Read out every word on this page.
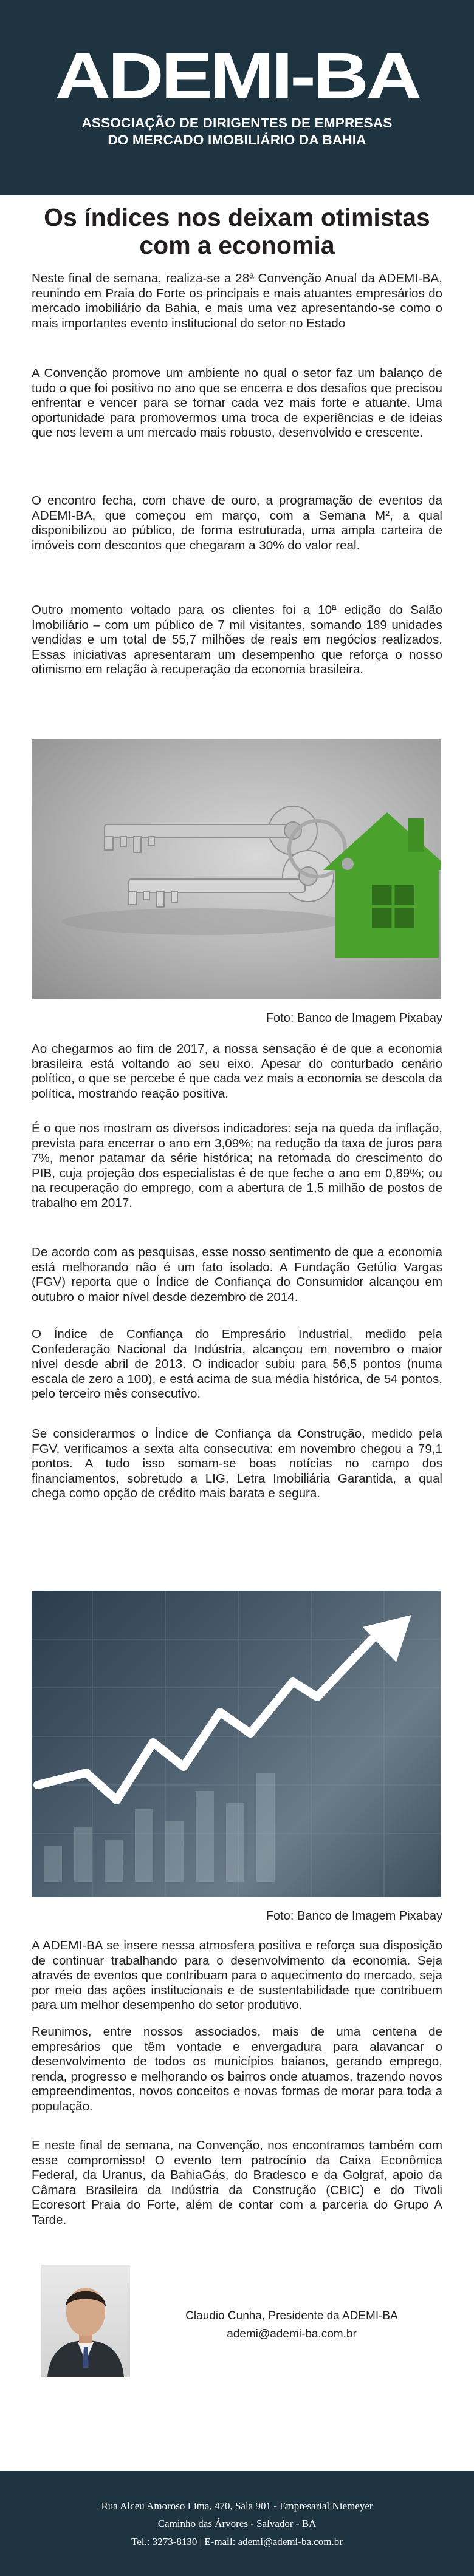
ADEMI-BA
ASSOCIAÇÃO DE DIRIGENTES DE EMPRESAS
DO MERCADO IMOBILIÁRIO DA BAHIA
Os índices nos deixam otimistas
com a economia

Neste final de semana, realiza-se a 28ª Convenção Anual da ADEMI-BA, reunindo em Praia do Forte os principais e mais atuantes empresários do mercado imobiliário da Bahia, e mais uma vez apresentando-se como o mais importantes evento institucional do setor no Estado

A Convenção promove um ambiente no qual o setor faz um balanço de tudo o que foi positivo no ano que se encerra e dos desafios que precisou enfrentar e vencer para se tornar cada vez mais forte e atuante. Uma oportunidade para promovermos uma troca de experiências e de ideias que nos levem a um mercado mais robusto, desenvolvido e crescente.

O encontro fecha, com chave de ouro, a programação de eventos da ADEMI-BA, que começou em março, com a Semana M², a qual disponibilizou ao público, de forma estruturada, uma ampla carteira de imóveis com descontos que chegaram a 30% do valor real.

Outro momento voltado para os clientes foi a 10ª edição do Salão Imobiliário – com um público de 7 mil visitantes, somando 189 unidades vendidas e um total de 55,7 milhões de reais em negócios realizados. Essas iniciativas apresentaram um desempenho que reforça o nosso otimismo em relação à recuperação da economia brasileira.

Foto: Banco de Imagem Pixabay

Ao chegarmos ao fim de 2017, a nossa sensação é de que a economia brasileira está voltando ao seu eixo. Apesar do conturbado cenário político, o que se percebe é que cada vez mais a economia se descola da política, mostrando reação positiva.

É o que nos mostram os diversos indicadores: seja na queda da inflação, prevista para encerrar o ano em 3,09%; na redução da taxa de juros para 7%, menor patamar da série histórica; na retomada do crescimento do PIB, cuja projeção dos especialistas é de que feche o ano em 0,89%; ou na recuperação do emprego, com a abertura de 1,5 milhão de postos de trabalho em 2017.

De acordo com as pesquisas, esse nosso sentimento de que a economia está melhorando não é um fato isolado. A Fundação Getúlio Vargas (FGV) reporta que o Índice de Confiança do Consumidor alcançou em outubro o maior nível desde dezembro de 2014.

O Índice de Confiança do Empresário Industrial, medido pela Confederação Nacional da Indústria, alcançou em novembro o maior nível desde abril de 2013. O indicador subiu para 56,5 pontos (numa escala de zero a 100), e está acima de sua média histórica, de 54 pontos, pelo terceiro mês consecutivo.

Se considerarmos o Índice de Confiança da Construção, medido pela FGV, verificamos a sexta alta consecutiva: em novembro chegou a 79,1 pontos. A tudo isso somam-se boas notícias no campo dos financiamentos, sobretudo a LIG, Letra Imobiliária Garantida, a qual chega como opção de crédito mais barata e segura.

Foto: Banco de Imagem Pixabay

A ADEMI-BA se insere nessa atmosfera positiva e reforça sua disposição de continuar trabalhando para o desenvolvimento da economia. Seja através de eventos que contribuam para o aquecimento do mercado, seja por meio das ações institucionais e de sustentabilidade que contribuem para um melhor desempenho do setor produtivo.

Reunimos, entre nossos associados, mais de uma centena de empresários que têm vontade e envergadura para alavancar o desenvolvimento de todos os municípios baianos, gerando emprego, renda, progresso e melhorando os bairros onde atuamos, trazendo novos empreendimentos, novos conceitos e novas formas de morar para toda a população.

E neste final de semana, na Convenção, nos encontramos também com esse compromisso! O evento tem patrocínio da Caixa Econômica Federal, da Uranus, da BahiaGás, do Bradesco e da Golgraf, apoio da Câmara Brasileira da Indústria da Construção (CBIC) e do Tivoli Ecoresort Praia do Forte, além de contar com a parceria do Grupo A Tarde.

Claudio Cunha, Presidente da ADEMI-BA
ademi@ademi-ba.com.br
Rua Alceu Amoroso Lima, 470, Sala 901 - Empresarial Niemeyer
Caminho das Árvores - Salvador - BA
Tel.: 3273-8130 | E-mail: ademi@ademi-ba.com.br
